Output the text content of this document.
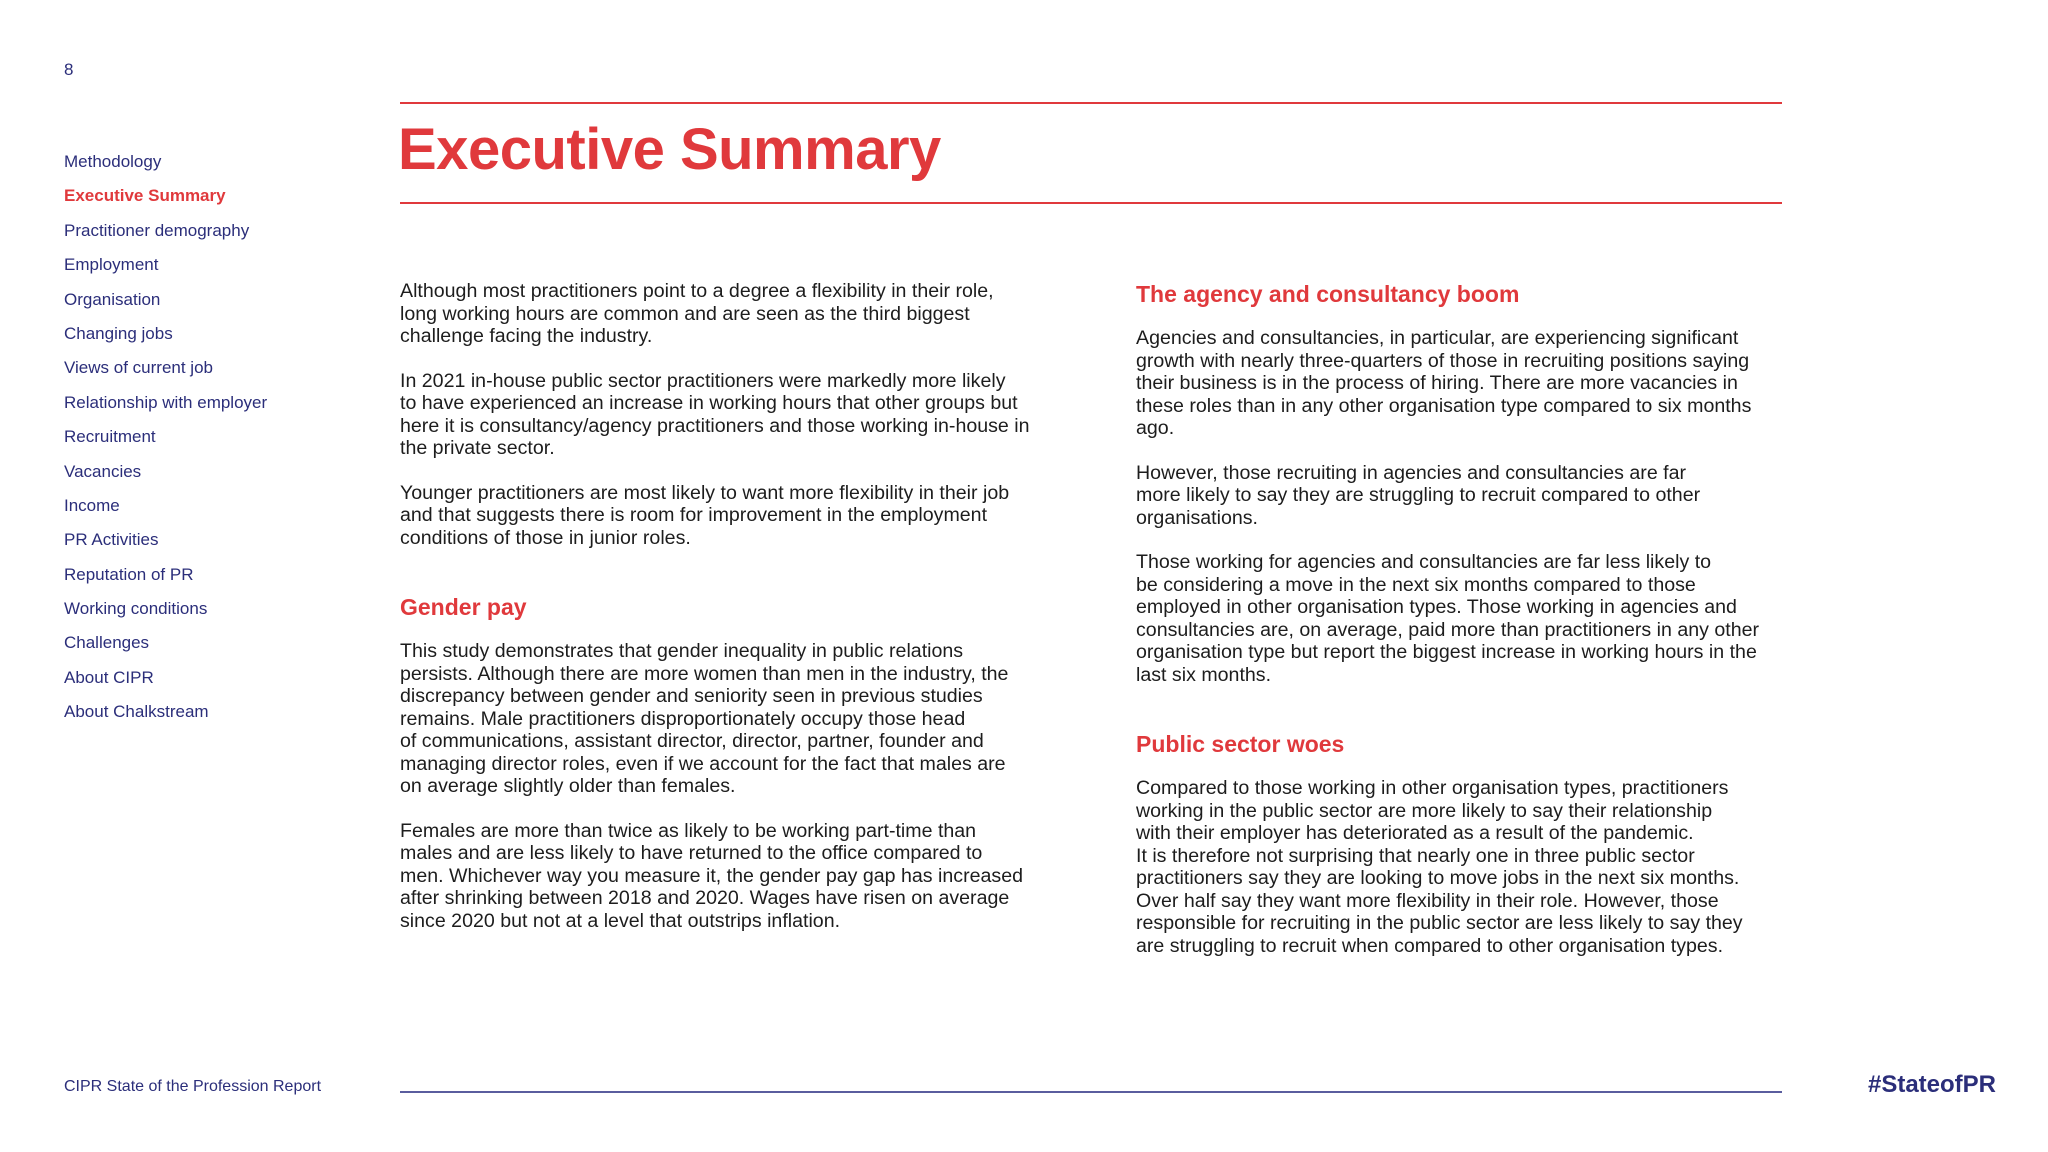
8
Executive Summary
Methodology
Executive Summary
Practitioner demography
Employment
Organisation
Changing jobs
Views of current job
Relationship with employer
Recruitment
Vacancies
Income
PR Activities
Reputation of PR
Working conditions
Challenges
About CIPR
About Chalkstream

Although most practitioners point to a degree a flexibility in their role,
long working hours are common and are seen as the third biggest
challenge facing the industry.

In 2021 in-house public sector practitioners were markedly more likely
to have experienced an increase in working hours that other groups but
here it is consultancy/agency practitioners and those working in-house in
the private sector.

Younger practitioners are most likely to want more flexibility in their job
and that suggests there is room for improvement in the employment
conditions of those in junior roles.

Gender pay

This study demonstrates that gender inequality in public relations
persists. Although there are more women than men in the industry, the
discrepancy between gender and seniority seen in previous studies
remains. Male practitioners disproportionately occupy those head
of communications, assistant director, director, partner, founder and
managing director roles, even if we account for the fact that males are
on average slightly older than females.

Females are more than twice as likely to be working part-time than
males and are less likely to have returned to the office compared to
men. Whichever way you measure it, the gender pay gap has increased
after shrinking between 2018 and 2020. Wages have risen on average
since 2020 but not at a level that outstrips inflation.

The agency and consultancy boom

Agencies and consultancies, in particular, are experiencing significant
growth with nearly three-quarters of those in recruiting positions saying
their business is in the process of hiring. There are more vacancies in
these roles than in any other organisation type compared to six months
ago.

However, those recruiting in agencies and consultancies are far
more likely to say they are struggling to recruit compared to other
organisations.

Those working for agencies and consultancies are far less likely to
be considering a move in the next six months compared to those
employed in other organisation types. Those working in agencies and
consultancies are, on average, paid more than practitioners in any other
organisation type but report the biggest increase in working hours in the
last six months.

Public sector woes

Compared to those working in other organisation types, practitioners
working in the public sector are more likely to say their relationship
with their employer has deteriorated as a result of the pandemic.
It is therefore not surprising that nearly one in three public sector
practitioners say they are looking to move jobs in the next six months.
Over half say they want more flexibility in their role. However, those
responsible for recruiting in the public sector are less likely to say they
are struggling to recruit when compared to other organisation types.

CIPR State of the Profession Report	#StateofPR
